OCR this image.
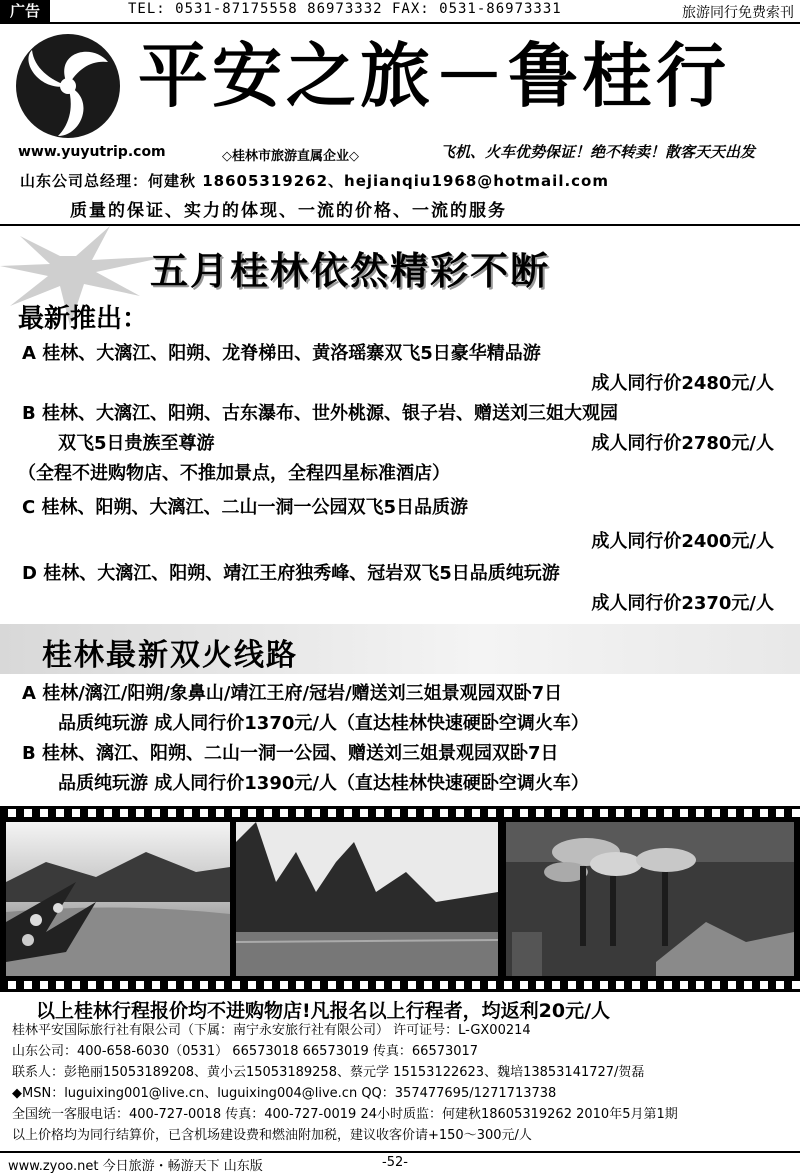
广告	TEL: 0531-87175558 86973332 FAX: 0531-86973331	旅游同行免费索刊
平安之旅－鲁桂行
www.yuyutrip.com	◇桂林市旅游直属企业◇	飞机、火车优势保证！绝不转卖！散客天天出发
山东公司总经理：何建秋 18605319262、hejianqiu1968@hotmail.com
质量的保证、实力的体现、一流的价格、一流的服务
五月桂林依然精彩不断
最新推出：
A 桂林、大漓江、阳朔、龙脊梯田、黄洛瑶寨双飞5日豪华精品游
成人同行价2480元/人
B 桂林、大漓江、阳朔、古东瀑布、世外桃源、银子岩、赠送刘三姐大观园
双飞5日贵族至尊游	成人同行价2780元/人
（全程不进购物店、不推加景点，全程四星标准酒店）
C 桂林、阳朔、大漓江、二山一洞一公园双飞5日品质游
成人同行价2400元/人
D 桂林、大漓江、阳朔、靖江王府独秀峰、冠岩双飞5日品质纯玩游
成人同行价2370元/人
桂林最新双火线路
A 桂林/漓江/阳朔/象鼻山/靖江王府/冠岩/赠送刘三姐景观园双卧7日
品质纯玩游 成人同行价1370元/人（直达桂林快速硬卧空调火车）
B 桂林、漓江、阳朔、二山一洞一公园、赠送刘三姐景观园双卧7日
品质纯玩游 成人同行价1390元/人（直达桂林快速硬卧空调火车）
以上桂林行程报价均不进购物店!凡报名以上行程者，均返利20元/人
桂林平安国际旅行社有限公司（下属：南宁永安旅行社有限公司） 许可证号：L-GX00214
山东公司：400-658-6030（0531） 66573018 66573019 传真：66573017
联系人：彭艳丽15053189208、黄小云15053189258、蔡元学 15153122623、魏培13853141727/贺磊
◆MSN：luguixing001@live.cn、luguixing004@live.cn QQ：357477695/1271713738
全国统一客服电话：400-727-0018 传真：400-727-0019 24小时质监：何建秋18605319262 2010年5月第1期
以上价格均为同行结算价，已含机场建设费和燃油附加税，建议收客价请+150～300元/人
www.zyoo.net 今日旅游・畅游天下 山东版	-52-
